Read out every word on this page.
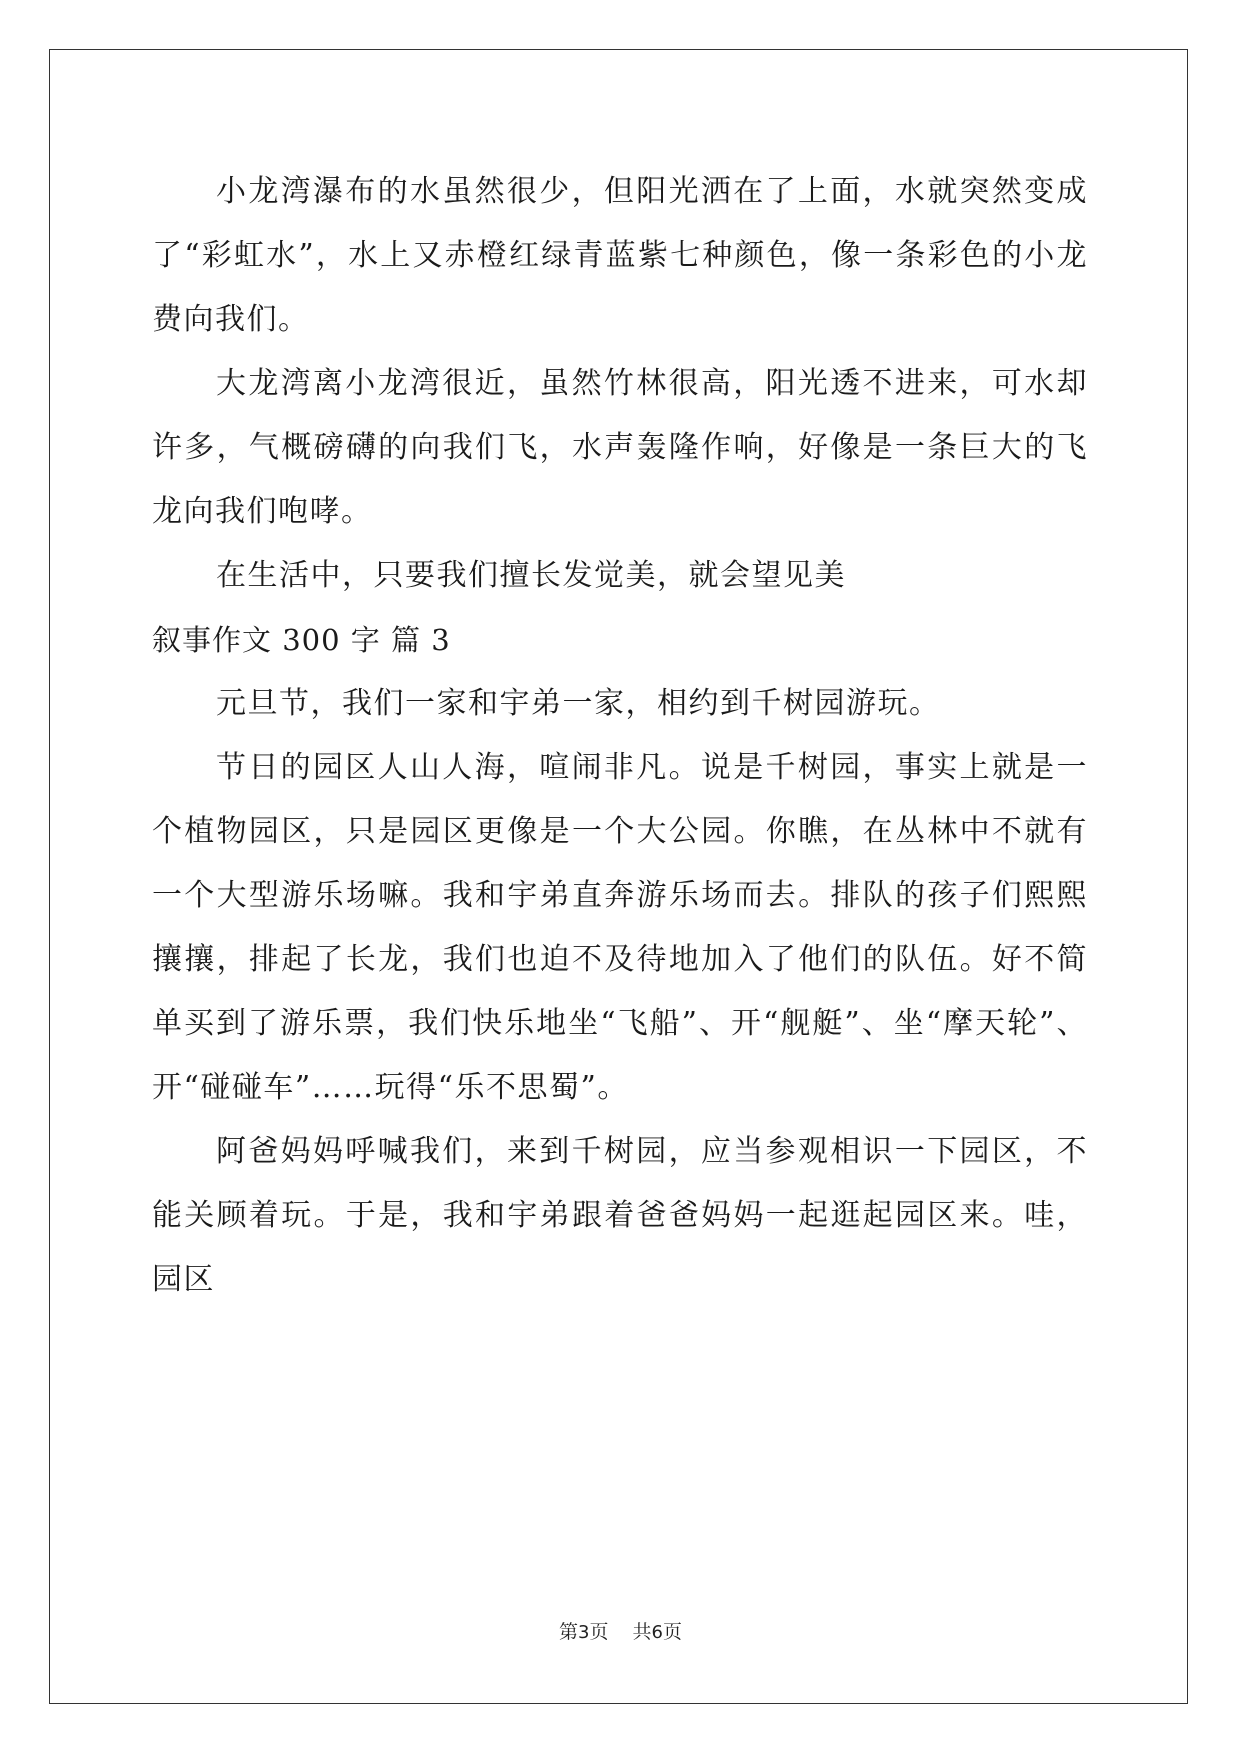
小龙湾瀑布的水虽然很少，但阳光洒在了上面，水就突然变成了“彩虹水”，水上又赤橙红绿青蓝紫七种颜色，像一条彩色的小龙费向我们。

大龙湾离小龙湾很近，虽然竹林很高，阳光透不进来，可水却许多，气概磅礴的向我们飞，水声轰隆作响，好像是一条巨大的飞龙向我们咆哮。

在生活中，只要我们擅长发觉美，就会望见美

叙事作文 300 字 篇 3

元旦节，我们一家和宇弟一家，相约到千树园游玩。

节日的园区人山人海，喧闹非凡。说是千树园，事实上就是一个植物园区，只是园区更像是一个大公园。你瞧，在丛林中不就有一个大型游乐场嘛。我和宇弟直奔游乐场而去。排队的孩子们熙熙攘攘，排起了长龙，我们也迫不及待地加入了他们的队伍。好不简单买到了游乐票，我们快乐地坐“飞船”、开“舰艇”、坐“摩天轮”、开“碰碰车”……玩得“乐不思蜀”。

阿爸妈妈呼喊我们，来到千树园，应当参观相识一下园区，不能关顾着玩。于是，我和宇弟跟着爸爸妈妈一起逛起园区来。哇，园区

第3页 共6页
